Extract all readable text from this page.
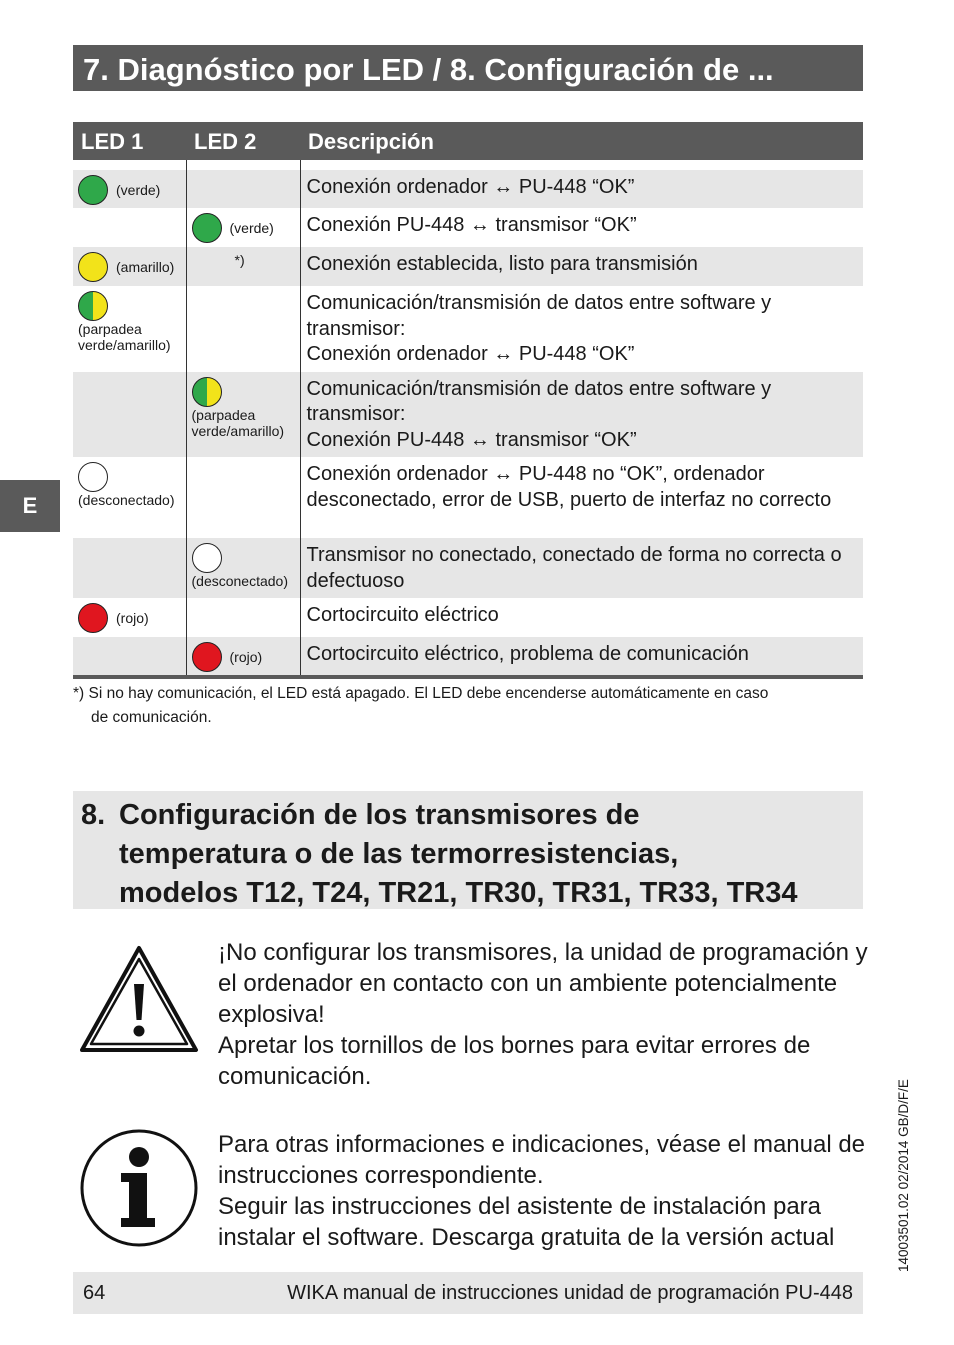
7. Diagnóstico por LED / 8. Configuración de ...
E
LED 1	LED 2	Descripción

(verde)		Conexión ordenador ↔ PU-448 “OK”

	(verde)	Conexión PU-448 ↔ transmisor “OK”

(amarillo)	*)	Conexión establecida, listo para transmisión

(parpadea verde/amarillo)		Comunicación/transmisión de datos entre software y transmisor:
Conexión ordenador ↔ PU-448 “OK”

	(parpadea verde/amarillo)	Comunicación/transmisión de datos entre software y transmisor:
Conexión PU-448 ↔ transmisor “OK”

(desconectado)		Conexión ordenador ↔ PU-448 no “OK”, ordenador desconectado, error de USB, puerto de interfaz no correcto

	(desconectado)	Transmisor no conectado, conectado de forma no correcta o defectuoso

(rojo)		Cortocircuito eléctrico

	(rojo)	Cortocircuito eléctrico, problema de comunicación
*) Si no hay comunicación, el LED está apagado. El LED debe encenderse automáticamente en caso
de comunicación.
8. Configuración de los transmisores de
temperatura o de las termorresistencias,
modelos T12, T24, TR21, TR30, TR31, TR33, TR34

¡No configurar los transmisores, la unidad de programación y el ordenador en contacto con un ambiente potencialmente explosiva!

Apretar los tornillos de los bornes para evitar errores de comunicación.

Para otras informaciones e indicaciones, véase el manual de instrucciones correspondiente.

Seguir las instrucciones del asistente de instalación para instalar el software. Descarga gratuita de la versión actual	14003501.02 02/2014 GB/D/F/E
64	WIKA manual de instrucciones unidad de programación PU-448
